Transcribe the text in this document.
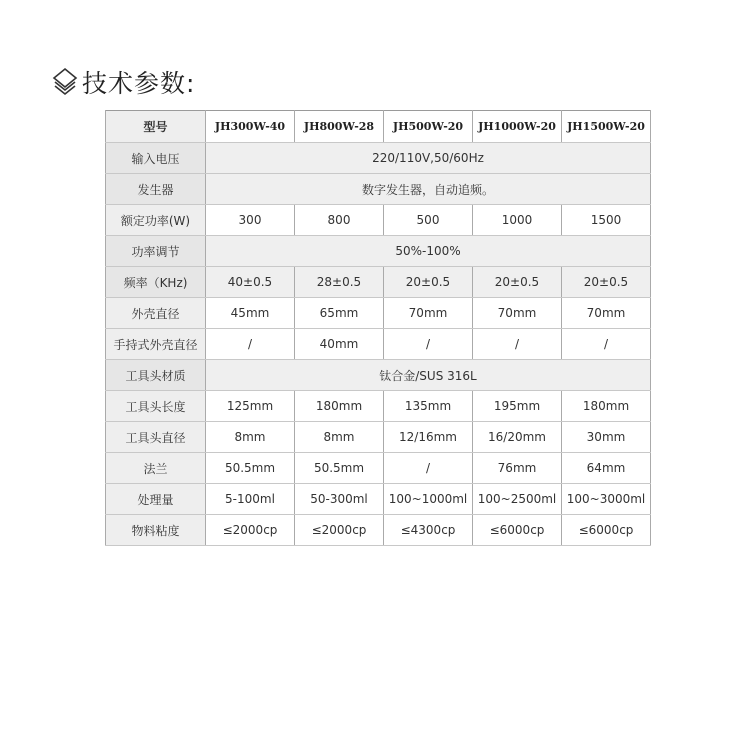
技术参数:
型号	JH300W-40	JH800W-28	JH500W-20	JH1000W-20	JH1500W-20
输入电压	220/110V,50/60Hz				
发生器	数字发生器，自动追频。				
额定功率(W)	300	800	500	1000	1500
功率调节	50%-100%				
频率（KHz)	40±0.5	28±0.5	20±0.5	20±0.5	20±0.5
外壳直径	45mm	65mm	70mm	70mm	70mm
手持式外壳直径	/	40mm	/	/	/
工具头材质	钛合金/SUS 316L				
工具头长度	125mm	180mm	135mm	195mm	180mm
工具头直径	8mm	8mm	12/16mm	16/20mm	30mm
法兰	50.5mm	50.5mm	/	76mm	64mm
处理量	5-100ml	50-300ml	100~1000ml	100~2500ml	100~3000ml
物料粘度	≤2000cp	≤2000cp	≤4300cp	≤6000cp	≤6000cp
